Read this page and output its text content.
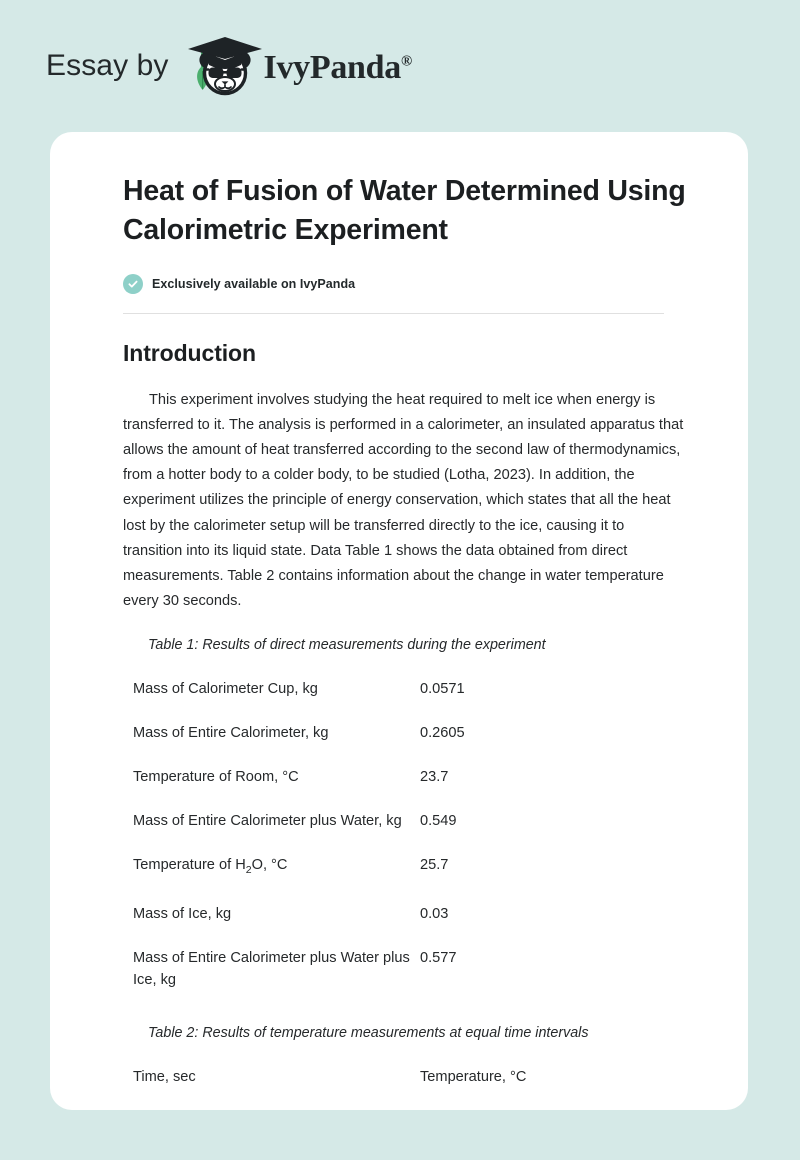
Essay by	IvyPanda®
Heat of Fusion of Water Determined Using Calorimetric Experiment
Exclusively available on IvyPanda
Introduction

This experiment involves studying the heat required to melt ice when energy is transferred to it. The analysis is performed in a calorimeter, an insulated apparatus that allows the amount of heat transferred according to the second law of thermodynamics, from a hotter body to a colder body, to be studied (Lotha, 2023). In addition, the experiment utilizes the principle of energy conservation, which states that all the heat lost by the calorimeter setup will be transferred directly to the ice, causing it to transition into its liquid state. Data Table 1 shows the data obtained from direct measurements. Table 2 contains information about the change in water temperature every 30 seconds.

Table 1: Results of direct measurements during the experiment
Mass of Calorimeter Cup, kg	0.0571
Mass of Entire Calorimeter, kg	0.2605
Temperature of Room, °C	23.7
Mass of Entire Calorimeter plus Water, kg	0.549
Temperature of $H_2O$, °C	25.7
Mass of Ice, kg	0.03
Mass of Entire Calorimeter plus Water plus Ice, kg	0.577
Table 2: Results of temperature measurements at equal time intervals
Time, sec	Temperature, °C
